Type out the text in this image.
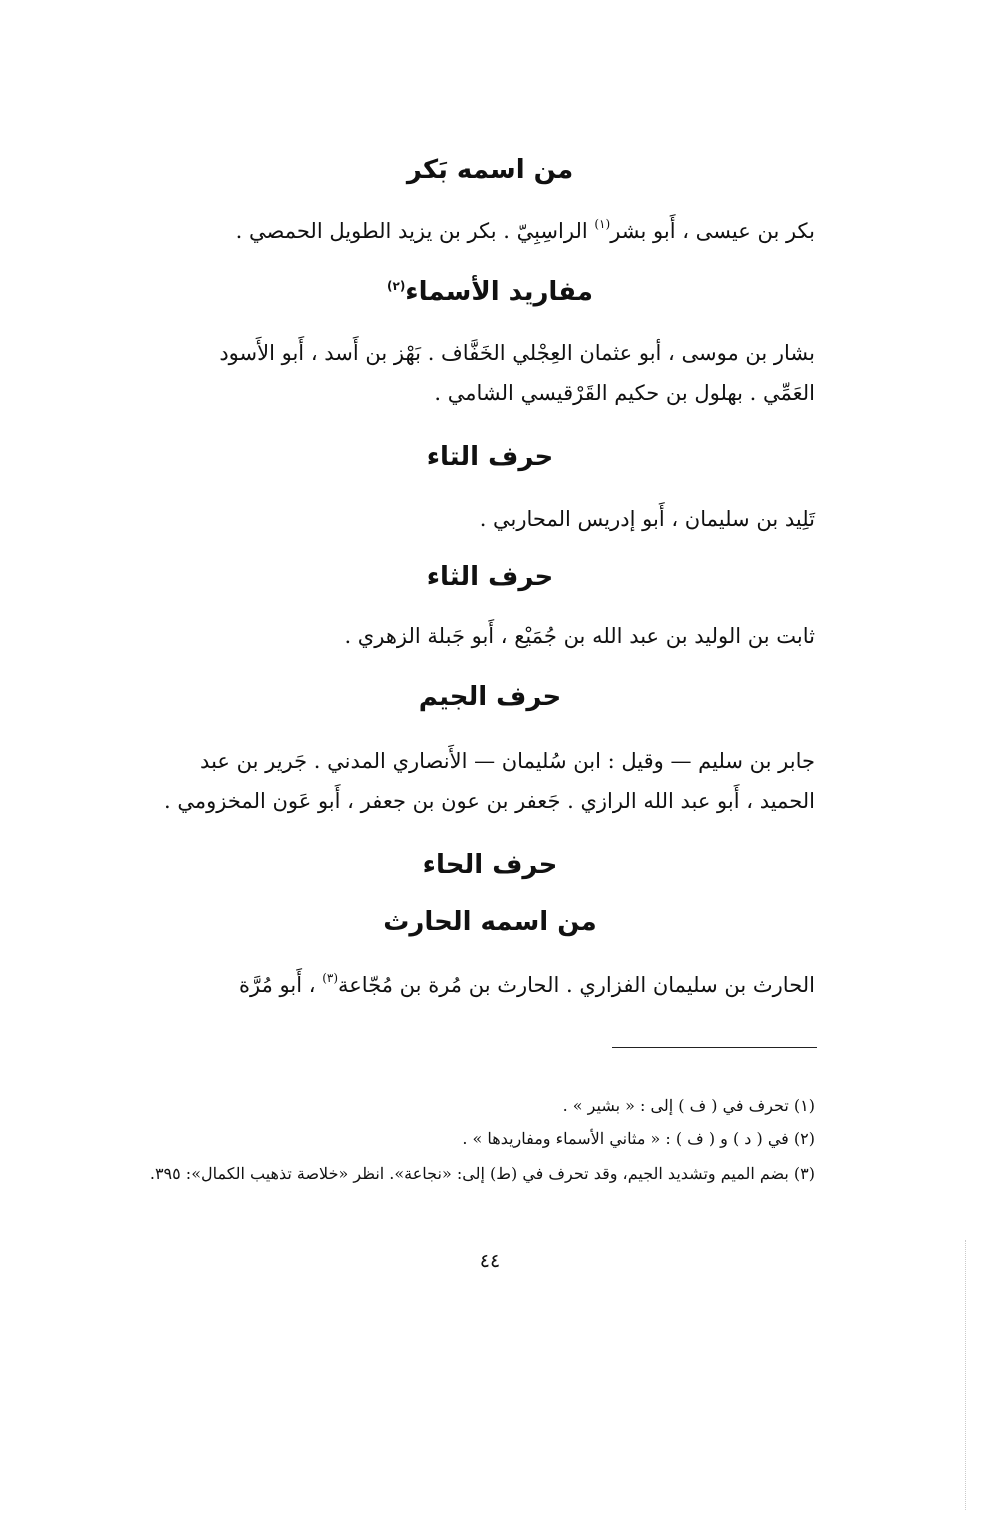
من اسمه بَكر
بكر بن عيسى ، أَبو بشر$^{(١)}$ الراسِبِيّ . بكر بن يزيد الطويل الحمصي .
مفاريد الأسماء$^{(٢)}$
بشار بن موسى ، أبو عثمان العِجْلي الخَفَّاف . بَهْز بن أَسد ، أَبو الأَسود
العَمِّي . بهلول بن حكيم القَرْقيسي الشامي .
حرف التاء
تَلِيد بن سليمان ، أَبو إدريس المحاربي .
حرف الثاء
ثابت بن الوليد بن عبد الله بن جُمَيْع ، أَبو جَبلة الزهري .
حرف الجيم
جابر بن سليم — وقيل : ابن سُليمان — الأَنصاري المدني . جَرير بن عبد
الحميد ، أَبو عبد الله الرازي . جَعفر بن عون بن جعفر ، أَبو عَون المخزومي .
حرف الحاء
من اسمه الحارث
الحارث بن سليمان الفزاري . الحارث بن مُرة بن مُجّاعة$^{(٣)}$ ، أَبو مُرَّة
(١) تحرف في ( ف ) إلى : « بشير » .
(٢) في ( د ) و ( ف ) : « مثاني الأسماء ومفاريدها » .
(٣) بضم الميم وتشديد الجيم، وقد تحرف في (ط) إلى: «نجاعة». انظر «خلاصة تذهيب الكمال»: ٣٩٥.
٤٤
